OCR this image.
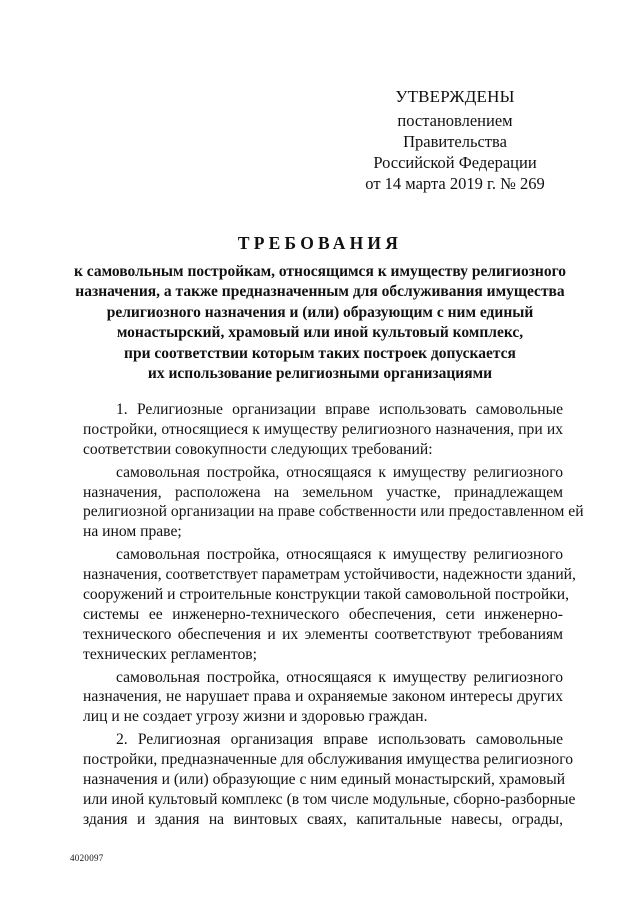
УТВЕРЖДЕНЫ
постановлением Правительства
Российской Федерации
от 14 марта 2019 г. № 269
ТРЕБОВАНИЯ
к самовольным постройкам, относящимся к имуществу религиозного
назначения, а также предназначенным для обслуживания имущества
религиозного назначения и (или) образующим с ним единый
монастырский, храмовый или иной культовый комплекс,
при соответствии которым таких построек допускается
их использование религиозными организациями
1. Религиозные организации вправе использовать самовольные
постройки, относящиеся к имуществу религиозного назначения, при их
соответствии совокупности следующих требований:
самовольная постройка, относящаяся к имуществу религиозного
назначения, расположена на земельном участке, принадлежащем
религиозной организации на праве собственности или предоставленном ей
на ином праве;
самовольная постройка, относящаяся к имуществу религиозного
назначения, соответствует параметрам устойчивости, надежности зданий,
сооружений и строительные конструкции такой самовольной постройки,
системы ее инженерно-технического обеспечения, сети инженерно-
технического обеспечения и их элементы соответствуют требованиям
технических регламентов;
самовольная постройка, относящаяся к имуществу религиозного
назначения, не нарушает права и охраняемые законом интересы других
лиц и не создает угрозу жизни и здоровью граждан.
2. Религиозная организация вправе использовать самовольные
постройки, предназначенные для обслуживания имущества религиозного
назначения и (или) образующие с ним единый монастырский, храмовый
или иной культовый комплекс (в том числе модульные, сборно-разборные
здания и здания на винтовых сваях, капитальные навесы, ограды,
4020097
